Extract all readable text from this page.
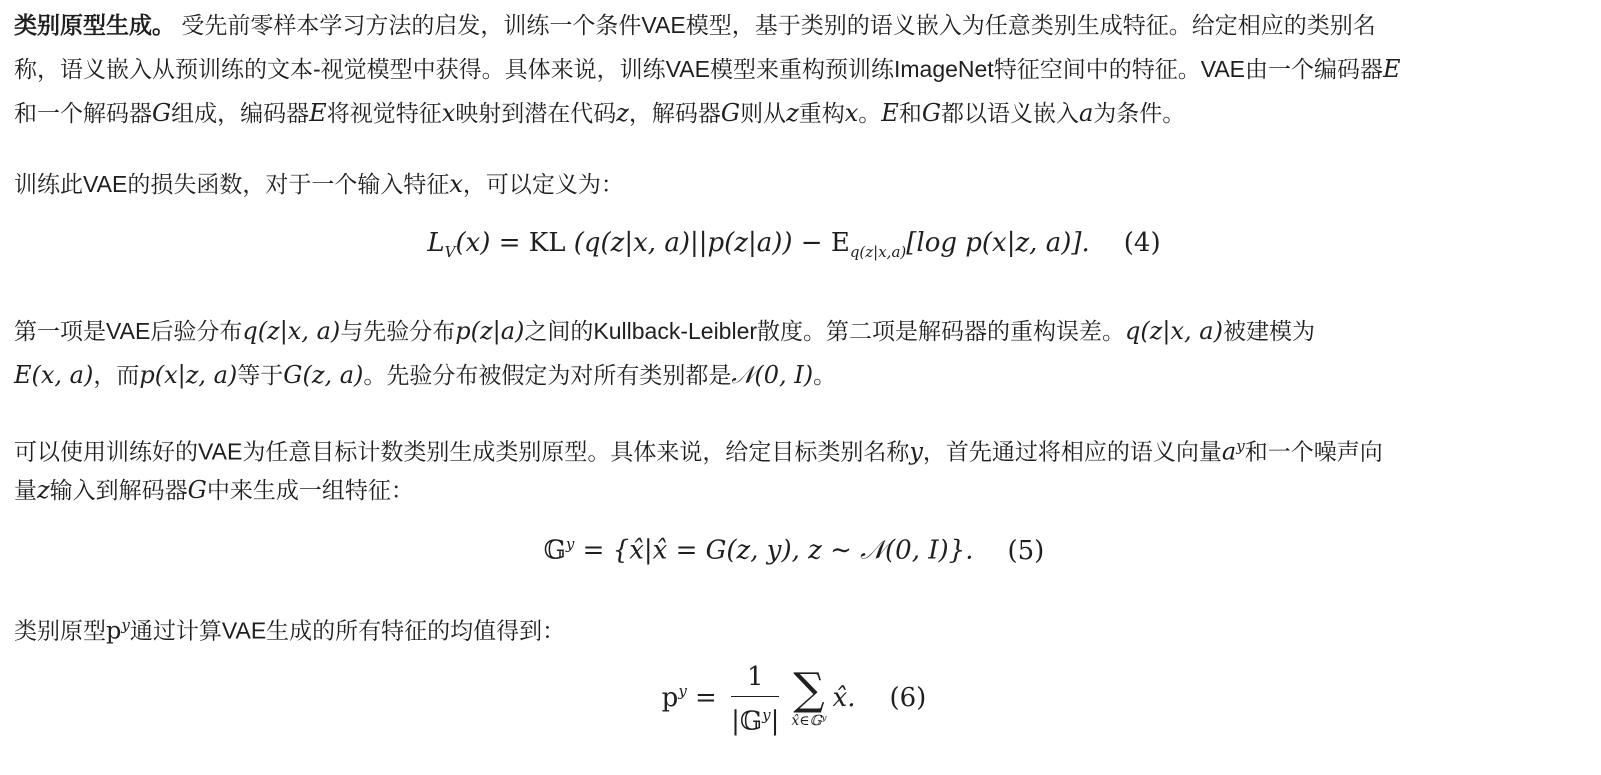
类别原型生成。 受先前零样本学习方法的启发，训练一个条件VAE模型，基于类别的语义嵌入为任意类别生成特征。给定相应的类别名
称，语义嵌入从预训练的文本-视觉模型中获得。具体来说，训练VAE模型来重构预训练ImageNet特征空间中的特征。VAE由一个编码器E
和一个解码器G组成，编码器E将视觉特征x映射到潜在代码z，解码器G则从z重构x。E和G都以语义嵌入a为条件。
训练此VAE的损失函数，对于一个输入特征x，可以定义为：
$L_V(x)$ = KL (q(z|x, $a)||p(z|a)) - E_{q(z|x,a)}[\log$ p(x|z, a)]. (4)
第一项是VAE后验分布q(z|x, a)与先验分布p(z|a)之间的Kullback-Leibler散度。第二项是解码器的重构误差。q(z|x, a)被建模为
E(x, a)，而p(x|z, a)等于G(z, a)。先验分布被假定为对所有类别都是𝒩(0, I)。
可以使用训练好的VAE为任意目标计数类别生成类别原型。具体来说，给定目标类别名称y，首先通过将相应的语义向量$a^y$和一个噪声向
量z输入到解码器G中来生成一组特征：
𝔾$^y$ = {x̂|x̂ = G(z, y), z ∼ 𝒩(0, I)}. (5)
类别原型$p^y$通过计算VAE生成的所有特征的均值得到：
$p^y = \frac{1}{|𝔾^y|}$ ∑
x̂∈𝔾ʸ
x̂. (6)
